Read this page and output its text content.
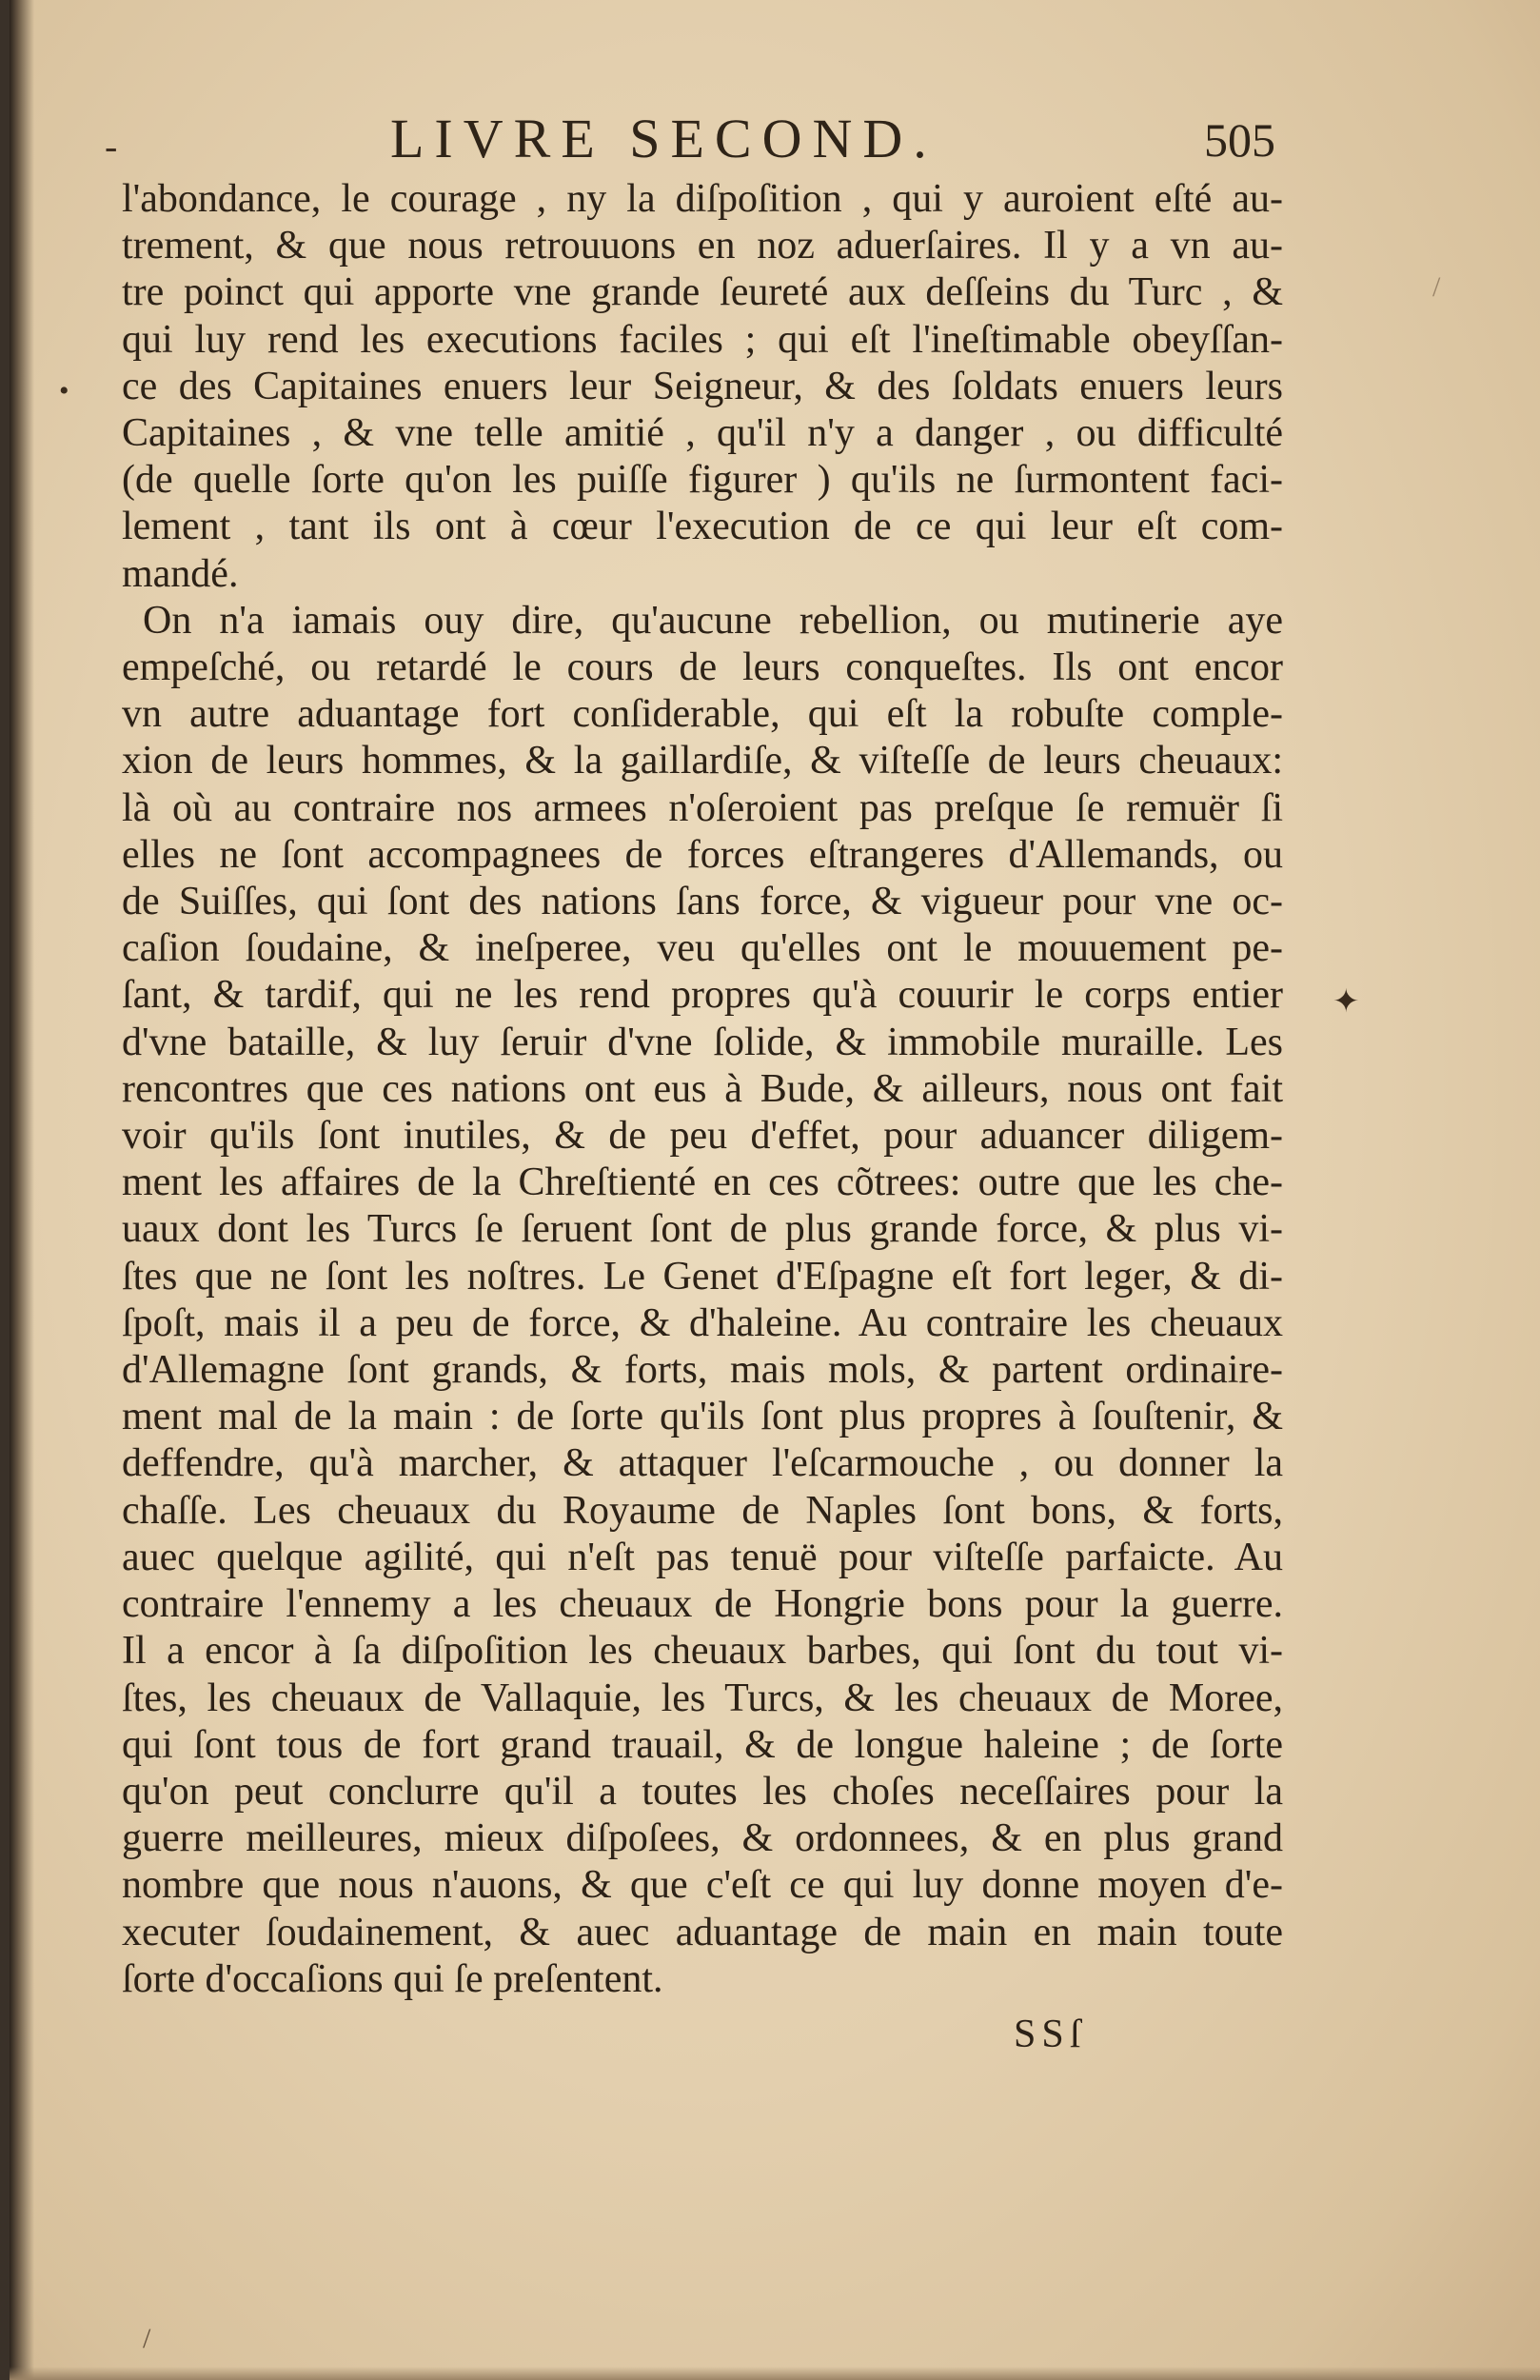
-	LIVRE SECOND.	505
l'abondance, le courage , ny la diſpoſition , qui y auroient eſté au-
trement, & que nous retrouuons en noz aduerſaires. Il y a vn au-
tre poinct qui apporte vne grande ſeureté aux deſſeins du Turc , &
qui luy rend les executions faciles ; qui eſt l'ineſtimable obeyſſan-
ce des Capitaines enuers leur Seigneur, & des ſoldats enuers leurs
Capitaines , & vne telle amitié , qu'il n'y a danger , ou difficulté
(de quelle ſorte qu'on les puiſſe figurer ) qu'ils ne ſurmontent faci-
lement , tant ils ont à cœur l'execution de ce qui leur eſt com-
mandé.
On n'a iamais ouy dire, qu'aucune rebellion, ou mutinerie aye
empeſché, ou retardé le cours de leurs conqueſtes. Ils ont encor
vn autre aduantage fort conſiderable, qui eſt la robuſte comple-
xion de leurs hommes, & la gaillardiſe, & viſteſſe de leurs cheuaux:
là où au contraire nos armees n'oſeroient pas preſque ſe remuër ſi
elles ne ſont accompagnees de forces eſtrangeres d'Allemands, ou
de Suiſſes, qui ſont des nations ſans force, & vigueur pour vne oc-
caſion ſoudaine, & ineſperee, veu qu'elles ont le mouuement pe-
ſant, & tardif, qui ne les rend propres qu'à couurir le corps entier
d'vne bataille, & luy ſeruir d'vne ſolide, & immobile muraille. Les
rencontres que ces nations ont eus à Bude, & ailleurs, nous ont fait
voir qu'ils ſont inutiles, & de peu d'effet, pour aduancer diligem-
ment les affaires de la Chreſtienté en ces cõtrees: outre que les che-
uaux dont les Turcs ſe ſeruent ſont de plus grande force, & plus vi-
ſtes que ne ſont les noſtres. Le Genet d'Eſpagne eſt fort leger, & di-
ſpoſt, mais il a peu de force, & d'haleine. Au contraire les cheuaux
d'Allemagne ſont grands, & forts, mais mols, & partent ordinaire-
ment mal de la main : de ſorte qu'ils ſont plus propres à ſouſtenir, &
deffendre, qu'à marcher, & attaquer l'eſcarmouche , ou donner la
chaſſe. Les cheuaux du Royaume de Naples ſont bons, & forts,
auec quelque agilité, qui n'eſt pas tenuë pour viſteſſe parfaicte. Au
contraire l'ennemy a les cheuaux de Hongrie bons pour la guerre.
Il a encor à ſa diſpoſition les cheuaux barbes, qui ſont du tout vi-
ſtes, les cheuaux de Vallaquie, les Turcs, & les cheuaux de Moree,
qui ſont tous de fort grand trauail, & de longue haleine ; de ſorte
qu'on peut conclurre qu'il a toutes les choſes neceſſaires pour la
guerre meilleures, mieux diſpoſees, & ordonnees, & en plus grand
nombre que nous n'auons, & que c'eſt ce qui luy donne moyen d'e-
xecuter ſoudainement, & auec aduantage de main en main toute
ſorte d'occaſions qui ſe preſentent.
SSſ
•
✦
/
/
